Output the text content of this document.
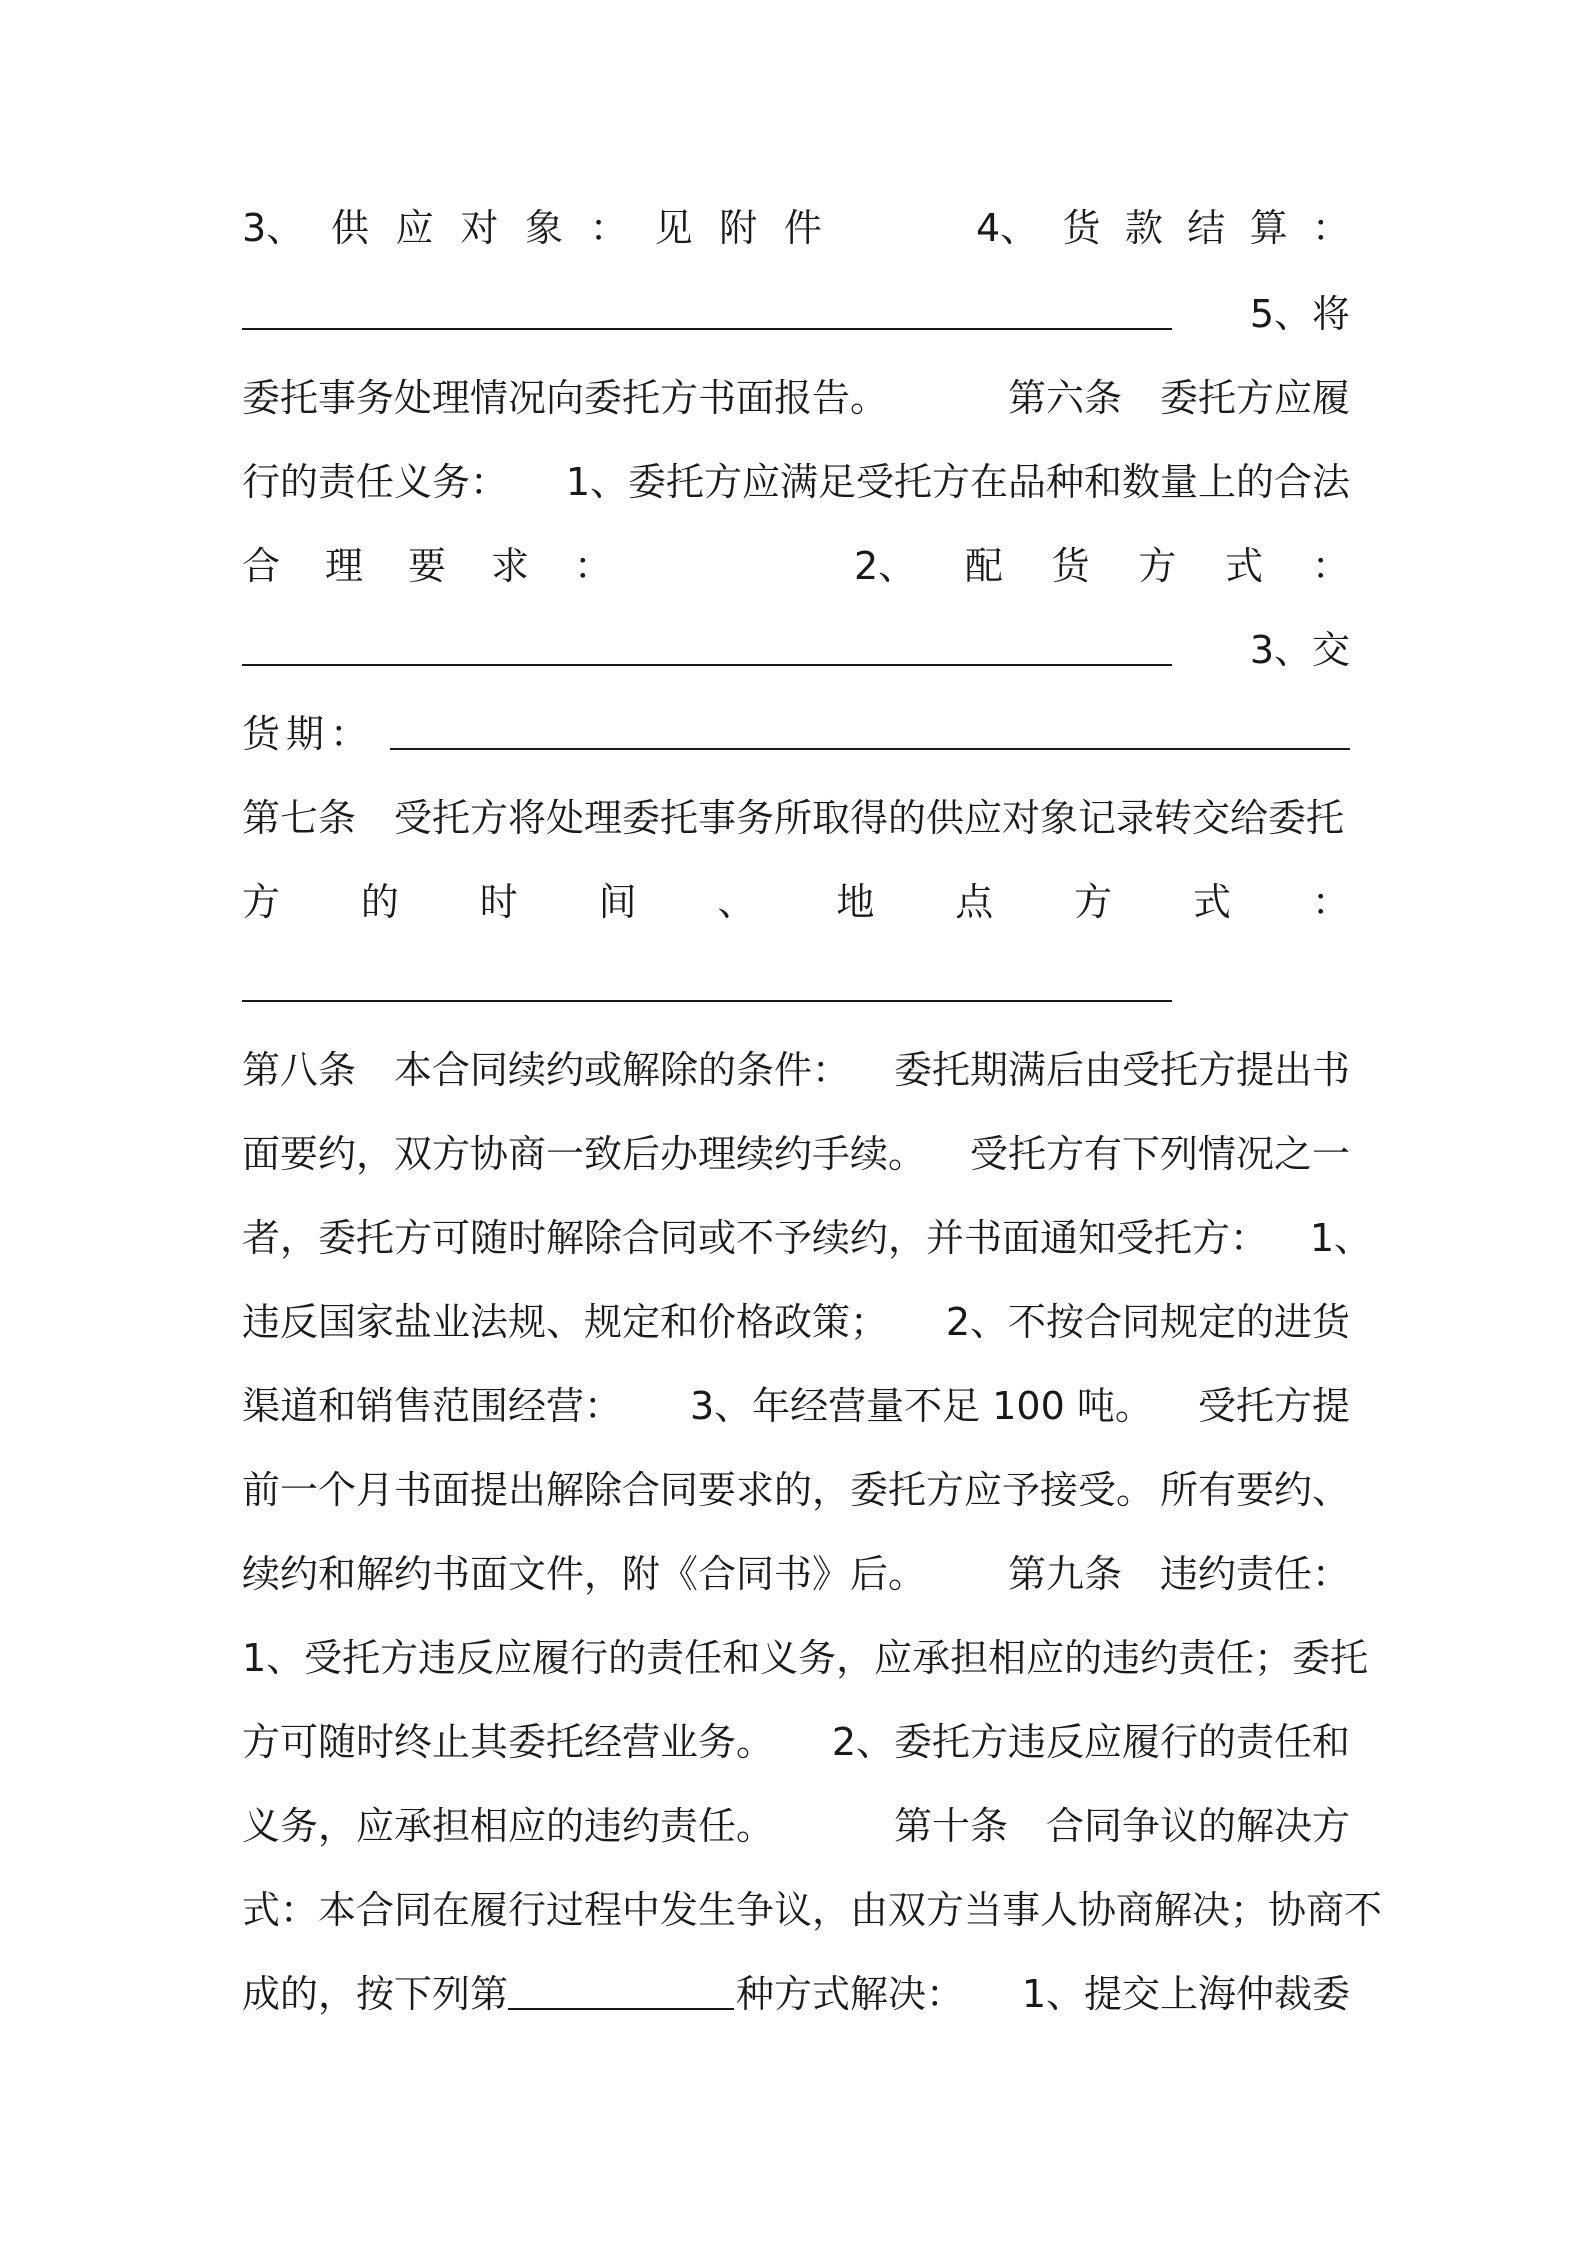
3、 供 应 对 象 ： 见 附 件	4、 货 款 结 算 ：
5、将
委托事务处理情况向委托方书面报告。	第六条　委托方应履
行的责任义务： 1、委托方应满足受托方在品种和数量上的合法
合 理 要 求 ：	2、 配 货 方 式 ：
3、交
货期：
第七条　受托方将处理委托事务所取得的供应对象记录转交给委托
方 的 时 间 、 地 点 方 式 ：
第八条　本合同续约或解除的条件： 委托期满后由受托方提出书
面要约，双方协商一致后办理续约手续。 受托方有下列情况之一
者，委托方可随时解除合同或不予续约，并书面通知受托方： 1、
违反国家盐业法规、规定和价格政策； 2、不按合同规定的进货
渠道和销售范围经营： 3、年经营量不足 100 吨。 受托方提
前一个月书面提出解除合同要求的，委托方应予接受。 所有要约、
续约和解约书面文件，附《合同书》后。 第九条　违约责任：
1、受托方违反应履行的责任和义务，应承担相应的违约责任；委托
方可随时终止其委托经营业务。 2、委托方违反应履行的责任和
义务，应承担相应的违约责任。	第十条　合同争议的解决方
式：本合同在履行过程中发生争议，由双方当事人协商解决；协商不
成的，按下列第	种方式解决： 1、提交上海仲裁委
